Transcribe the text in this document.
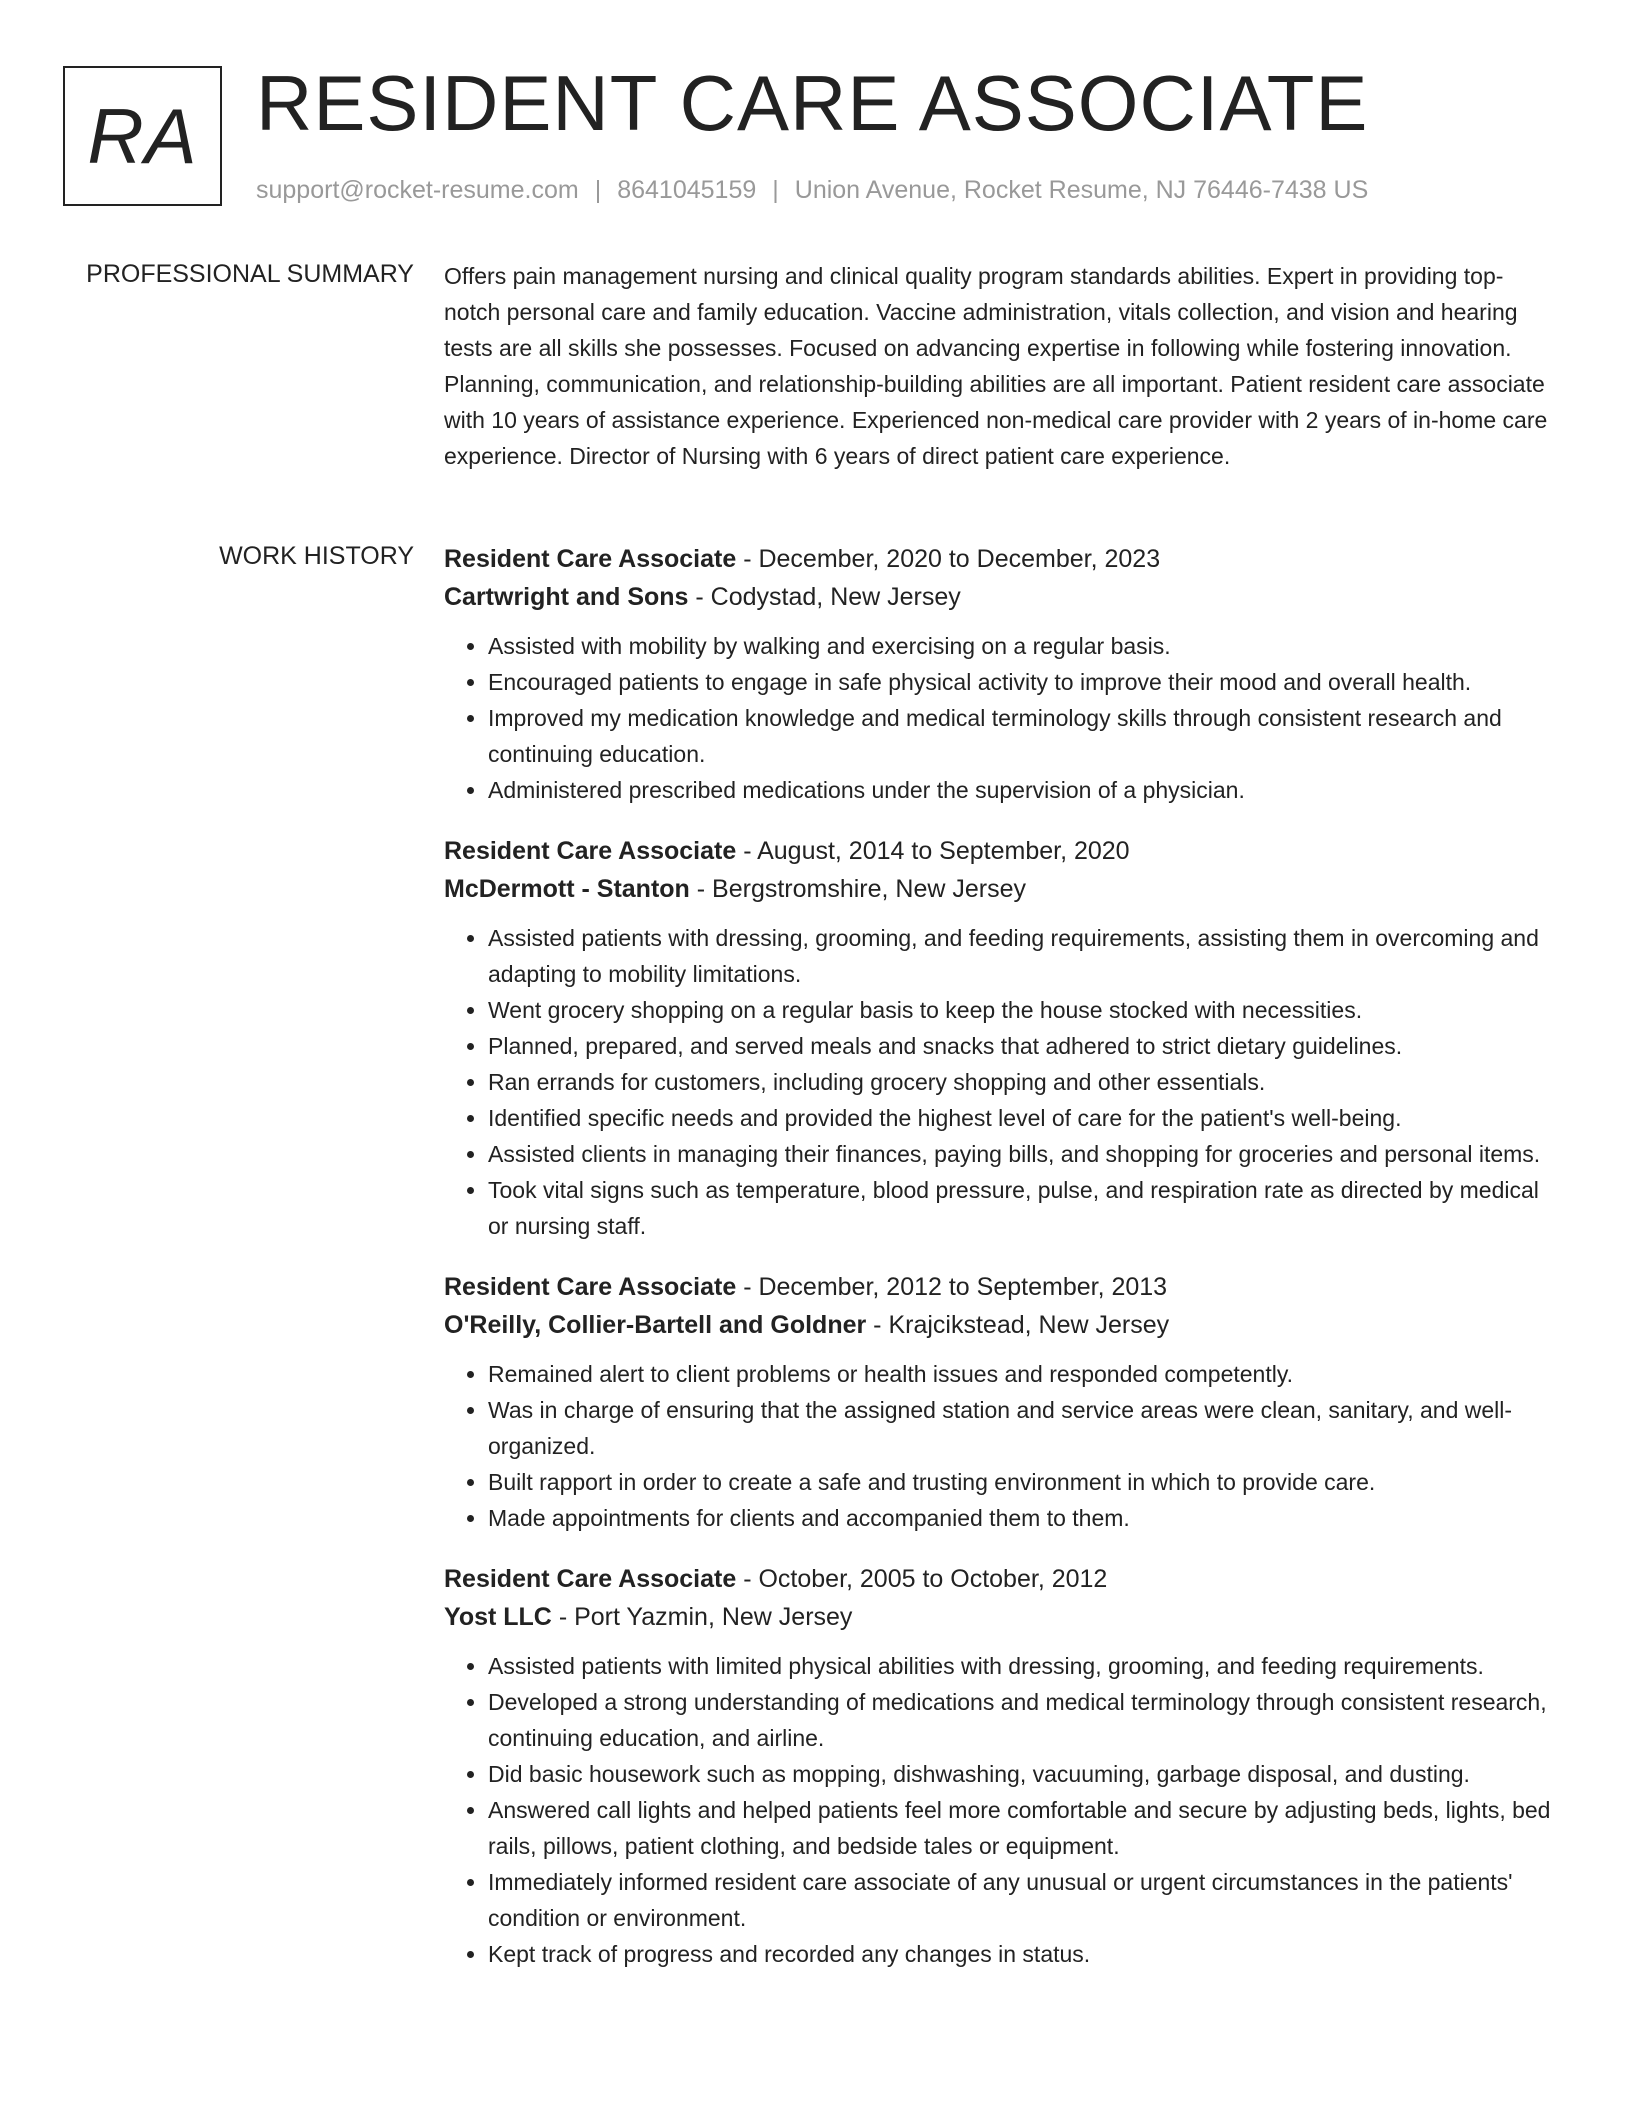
RA RESIDENT CARE ASSOCIATE
support@rocket-resume.com | 8641045159 | Union Avenue, Rocket Resume, NJ 76446-7438 US
PROFESSIONAL SUMMARY Offers pain management nursing and clinical quality program standards abilities. Expert in providing top-notch personal care and family education. Vaccine administration, vitals collection, and vision and hearing tests are all skills she possesses. Focused on advancing expertise in following while fostering innovation. Planning, communication, and relationship-building abilities are all important. Patient resident care associate with 10 years of assistance experience. Experienced non-medical care provider with 2 years of in-home care experience. Director of Nursing with 6 years of direct patient care experience.

WORK HISTORY Resident Care Associate - December, 2020 to December, 2023
Cartwright and Sons - Codystad, New Jersey
• Assisted with mobility by walking and exercising on a regular basis.
• Encouraged patients to engage in safe physical activity to improve their mood and overall health.
• Improved my medication knowledge and medical terminology skills through consistent research and continuing education.
• Administered prescribed medications under the supervision of a physician.
Resident Care Associate - August, 2014 to September, 2020
McDermott - Stanton - Bergstromshire, New Jersey
• Assisted patients with dressing, grooming, and feeding requirements, assisting them in overcoming and adapting to mobility limitations.
• Went grocery shopping on a regular basis to keep the house stocked with necessities.
• Planned, prepared, and served meals and snacks that adhered to strict dietary guidelines.
• Ran errands for customers, including grocery shopping and other essentials.
• Identified specific needs and provided the highest level of care for the patient's well-being.
• Assisted clients in managing their finances, paying bills, and shopping for groceries and personal items.
• Took vital signs such as temperature, blood pressure, pulse, and respiration rate as directed by medical or nursing staff.
Resident Care Associate - December, 2012 to September, 2013
O'Reilly, Collier-Bartell and Goldner - Krajcikstead, New Jersey
• Remained alert to client problems or health issues and responded competently.
• Was in charge of ensuring that the assigned station and service areas were clean, sanitary, and well-organized.
• Built rapport in order to create a safe and trusting environment in which to provide care.
• Made appointments for clients and accompanied them to them.
Resident Care Associate - October, 2005 to October, 2012
Yost LLC - Port Yazmin, New Jersey
• Assisted patients with limited physical abilities with dressing, grooming, and feeding requirements.
• Developed a strong understanding of medications and medical terminology through consistent research, continuing education, and airline.
• Did basic housework such as mopping, dishwashing, vacuuming, garbage disposal, and dusting.
• Answered call lights and helped patients feel more comfortable and secure by adjusting beds, lights, bed rails, pillows, patient clothing, and bedside tales or equipment.
• Immediately informed resident care associate of any unusual or urgent circumstances in the patients' condition or environment.
• Kept track of progress and recorded any changes in status.
